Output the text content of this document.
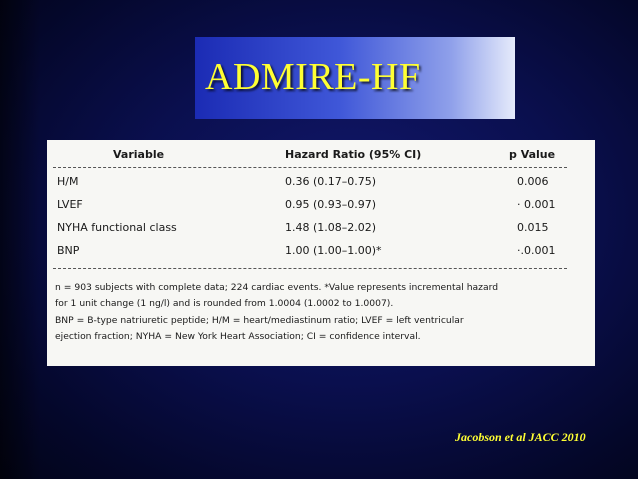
ADMIRE-HF
Variable	Hazard Ratio (95% CI)	p Value
H/M	0.36 (0.17–0.75)	0.006
LVEF	0.95 (0.93–0.97)	· 0.001
NYHA functional class	1.48 (1.08–2.02)	0.015
BNP	1.00 (1.00–1.00)*	·.0.001
n = 903 subjects with complete data; 224 cardiac events. *Value represents incremental hazard
for 1 unit change (1 ng/l) and is rounded from 1.0004 (1.0002 to 1.0007).
BNP = B-type natriuretic peptide; H/M = heart/mediastinum ratio; LVEF = left ventricular
ejection fraction; NYHA = New York Heart Association; CI = confidence interval.

Jacobson et al JACC 2010
